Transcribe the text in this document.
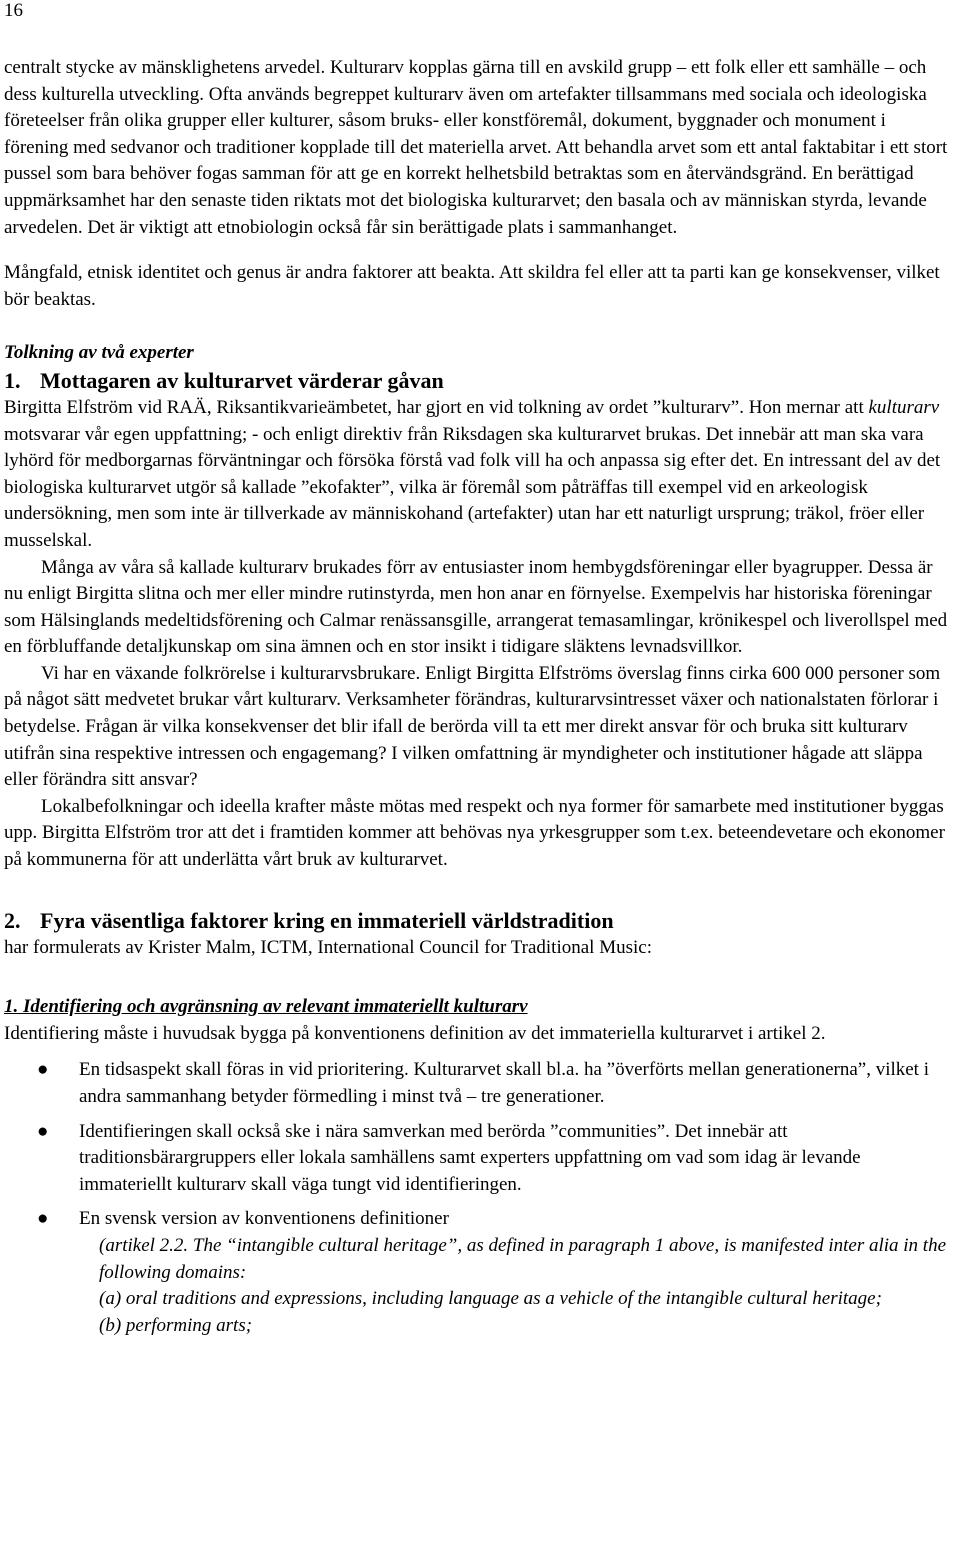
16

centralt stycke av mänsklighetens arvedel. Kulturarv kopplas gärna till en avskild grupp – ett folk eller ett samhälle – och dess kulturella utveckling. Ofta används begreppet kulturarv även om artefakter tillsammans med sociala och ideologiska företeelser från olika grupper eller kulturer, såsom bruks- eller konstföremål, dokument, byggnader och monument i förening med sedvanor och traditioner kopplade till det materiella arvet. Att behandla arvet som ett antal faktabitar i ett stort pussel som bara behöver fogas samman för att ge en korrekt helhetsbild betraktas som en återvändsgränd. En berättigad uppmärksamhet har den senaste tiden riktats mot det biologiska kulturarvet; den basala och av människan styrda, levande arvedelen. Det är viktigt att etnobiologin också får sin berättigade plats i sammanhanget.

Mångfald, etnisk identitet och genus är andra faktorer att beakta. Att skildra fel eller att ta parti kan ge konsekvenser, vilket bör beaktas.

Tolkning av två experter

1. Mottagaren av kulturarvet värderar gåvan

Birgitta Elfström vid RAÄ, Riksantikvarieämbetet, har gjort en vid tolkning av ordet ”kulturarv”. Hon mernar att kulturarv motsvarar vår egen uppfattning; - och enligt direktiv från Riksdagen ska kulturarvet brukas. Det innebär att man ska vara lyhörd för medborgarnas förväntningar och försöka förstå vad folk vill ha och anpassa sig efter det. En intressant del av det biologiska kulturarvet utgör så kallade ”ekofakter”, vilka är föremål som påträffas till exempel vid en arkeologisk undersökning, men som inte är tillverkade av människohand (artefakter) utan har ett naturligt ursprung; träkol, fröer eller musselskal.

Många av våra så kallade kulturarv brukades förr av entusiaster inom hembygdsföreningar eller byagrupper. Dessa är nu enligt Birgitta slitna och mer eller mindre rutinstyrda, men hon anar en förnyelse. Exempelvis har historiska föreningar som Hälsinglands medeltidsförening och Calmar renässansgille, arrangerat temasamlingar, krönikespel och liverollspel med en förbluffande detaljkunskap om sina ämnen och en stor insikt i tidigare släktens levnadsvillkor.

Vi har en växande folkrörelse i kulturarvsbrukare. Enligt Birgitta Elfströms överslag finns cirka 600 000 personer som på något sätt medvetet brukar vårt kulturarv. Verksamheter förändras, kulturarvsintresset växer och nationalstaten förlorar i betydelse. Frågan är vilka konsekvenser det blir ifall de berörda vill ta ett mer direkt ansvar för och bruka sitt kulturarv utifrån sina respektive intressen och engagemang? I vilken omfattning är myndigheter och institutioner hågade att släppa eller förändra sitt ansvar?

Lokalbefolkningar och ideella krafter måste mötas med respekt och nya former för samarbete med institutioner byggas upp. Birgitta Elfström tror att det i framtiden kommer att behövas nya yrkesgrupper som t.ex. beteendevetare och ekonomer på kommunerna för att underlätta vårt bruk av kulturarvet.

2. Fyra väsentliga faktorer kring en immateriell världstradition

har formulerats av Krister Malm, ICTM, International Council for Traditional Music:

1. Identifiering och avgränsning av relevant immateriellt kulturarv

Identifiering måste i huvudsak bygga på konventionens definition av det immateriella kulturarvet i artikel 2.

● En tidsaspekt skall föras in vid prioritering. Kulturarvet skall bl.a. ha ”överförts mellan generationerna”, vilket i andra sammanhang betyder förmedling i minst två – tre generationer.
● Identifieringen skall också ske i nära samverkan med berörda ”communities”. Det innebär att traditionsbärargruppers eller lokala samhällens samt experters uppfattning om vad som idag är levande immateriellt kulturarv skall väga tungt vid identifieringen.
● En svensk version av konventionens definitioner
(artikel 2.2. The “intangible cultural heritage”, as defined in paragraph 1 above, is manifested inter alia in the following domains:
(a) oral traditions and expressions, including language as a vehicle of the intangible cultural heritage;
(b) performing arts;
